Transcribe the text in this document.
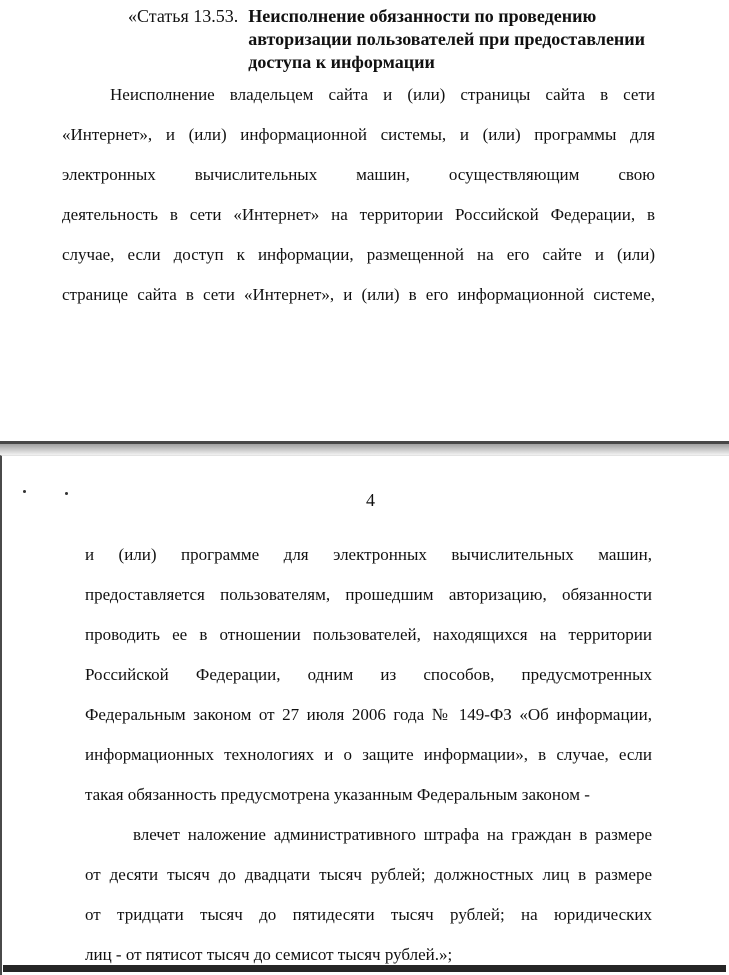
«Статья 13.53. Неисполнение обязанности по проведению
авторизации пользователей при предоставлении
доступа к информации
Неисполнение владельцем сайта и (или) страницы сайта в сети
«Интернет», и (или) информационной системы, и (или) программы для
электронных вычислительных машин, осуществляющим свою
деятельность в сети «Интернет» на территории Российской Федерации, в
случае, если доступ к информации, размещенной на его сайте и (или)
странице сайта в сети «Интернет», и (или) в его информационной системе,
4
и (или) программе для электронных вычислительных машин,
предоставляется пользователям, прошедшим авторизацию, обязанности
проводить ее в отношении пользователей, находящихся на территории
Российской Федерации, одним из способов, предусмотренных
Федеральным законом от 27 июля 2006 года № 149-ФЗ «Об информации,
информационных технологиях и о защите информации», в случае, если
такая обязанность предусмотрена указанным Федеральным законом -
влечет наложение административного штрафа на граждан в размере
от десяти тысяч до двадцати тысяч рублей; должностных лиц в размере
от тридцати тысяч до пятидесяти тысяч рублей; на юридических
лиц - от пятисот тысяч до семисот тысяч рублей.»;
